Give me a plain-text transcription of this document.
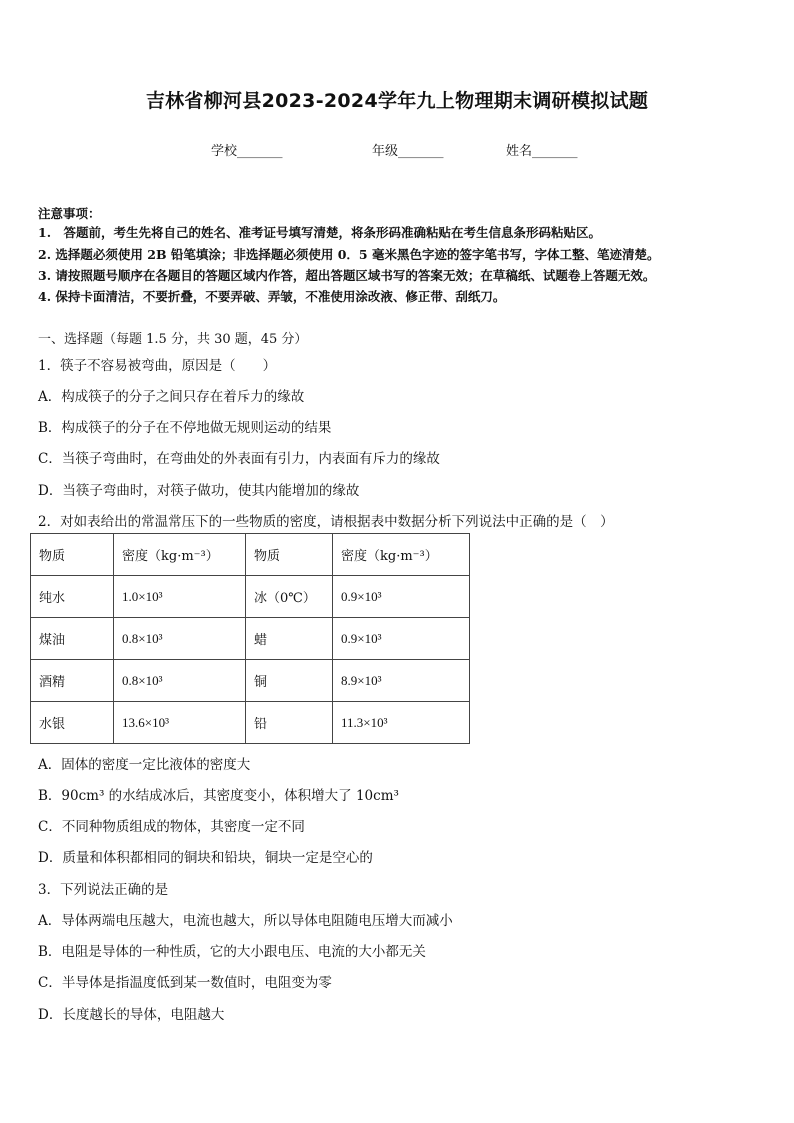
吉林省柳河县2023-2024学年九上物理期末调研模拟试题
学校_______	年级_______	姓名_______
注意事项：
1.　答题前，考生先将自己的姓名、准考证号填写清楚，将条形码准确粘贴在考生信息条形码粘贴区。
2. 选择题必须使用 2B 铅笔填涂；非选择题必须使用 0．5 毫米黑色字迹的签字笔书写，字体工整、笔迹清楚。
3. 请按照题号顺序在各题目的答题区域内作答，超出答题区域书写的答案无效；在草稿纸、试题卷上答题无效。
4. 保持卡面清洁，不要折叠，不要弄破、弄皱，不准使用涂改液、修正带、刮纸刀。
一、选择题（每题 1.5 分，共 30 题，45 分）
1．筷子不容易被弯曲，原因是（　　）
A．构成筷子的分子之间只存在着斥力的缘故
B．构成筷子的分子在不停地做无规则运动的结果
C．当筷子弯曲时，在弯曲处的外表面有引力，内表面有斥力的缘故
D．当筷子弯曲时，对筷子做功，使其内能增加的缘故
2．对如表给出的常温常压下的一些物质的密度，请根据表中数据分析下列说法中正确的是（　）
物质	密度（kg·m⁻³）	物质	密度（kg·m⁻³）
纯水	1.0×10³	冰（0℃）	0.9×10³
煤油	0.8×10³	蜡	0.9×10³
酒精	0.8×10³	铜	8.9×10³
水银	13.6×10³	铅	11.3×10³
A．固体的密度一定比液体的密度大
B．90cm³ 的水结成冰后，其密度变小，体积增大了 10cm³
C．不同种物质组成的物体，其密度一定不同
D．质量和体积都相同的铜块和铅块，铜块一定是空心的
3．下列说法正确的是
A．导体两端电压越大，电流也越大，所以导体电阻随电压增大而减小
B．电阻是导体的一种性质，它的大小跟电压、电流的大小都无关
C．半导体是指温度低到某一数值时，电阻变为零
D．长度越长的导体，电阻越大
